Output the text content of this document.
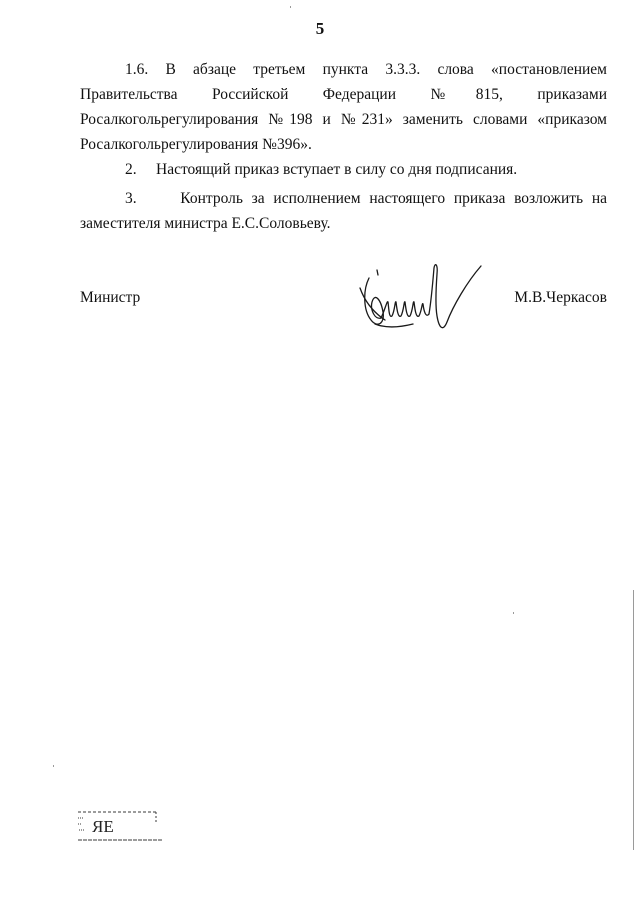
5

1.6. В абзаце третьем пункта 3.3.3. слова «постановлением Правительства Российской Федерации №815, приказами Росалкогольрегулирования №198 и №231» заменить словами «приказом Росалкогольрегулирования №396».

2. Настоящий приказ вступает в силу со дня подписания.

3.	Контроль за исполнением настоящего приказа возложить на заместителя министра Е.С.Соловьеву.

Министр	М.В.Черкасов
ЯЕ
